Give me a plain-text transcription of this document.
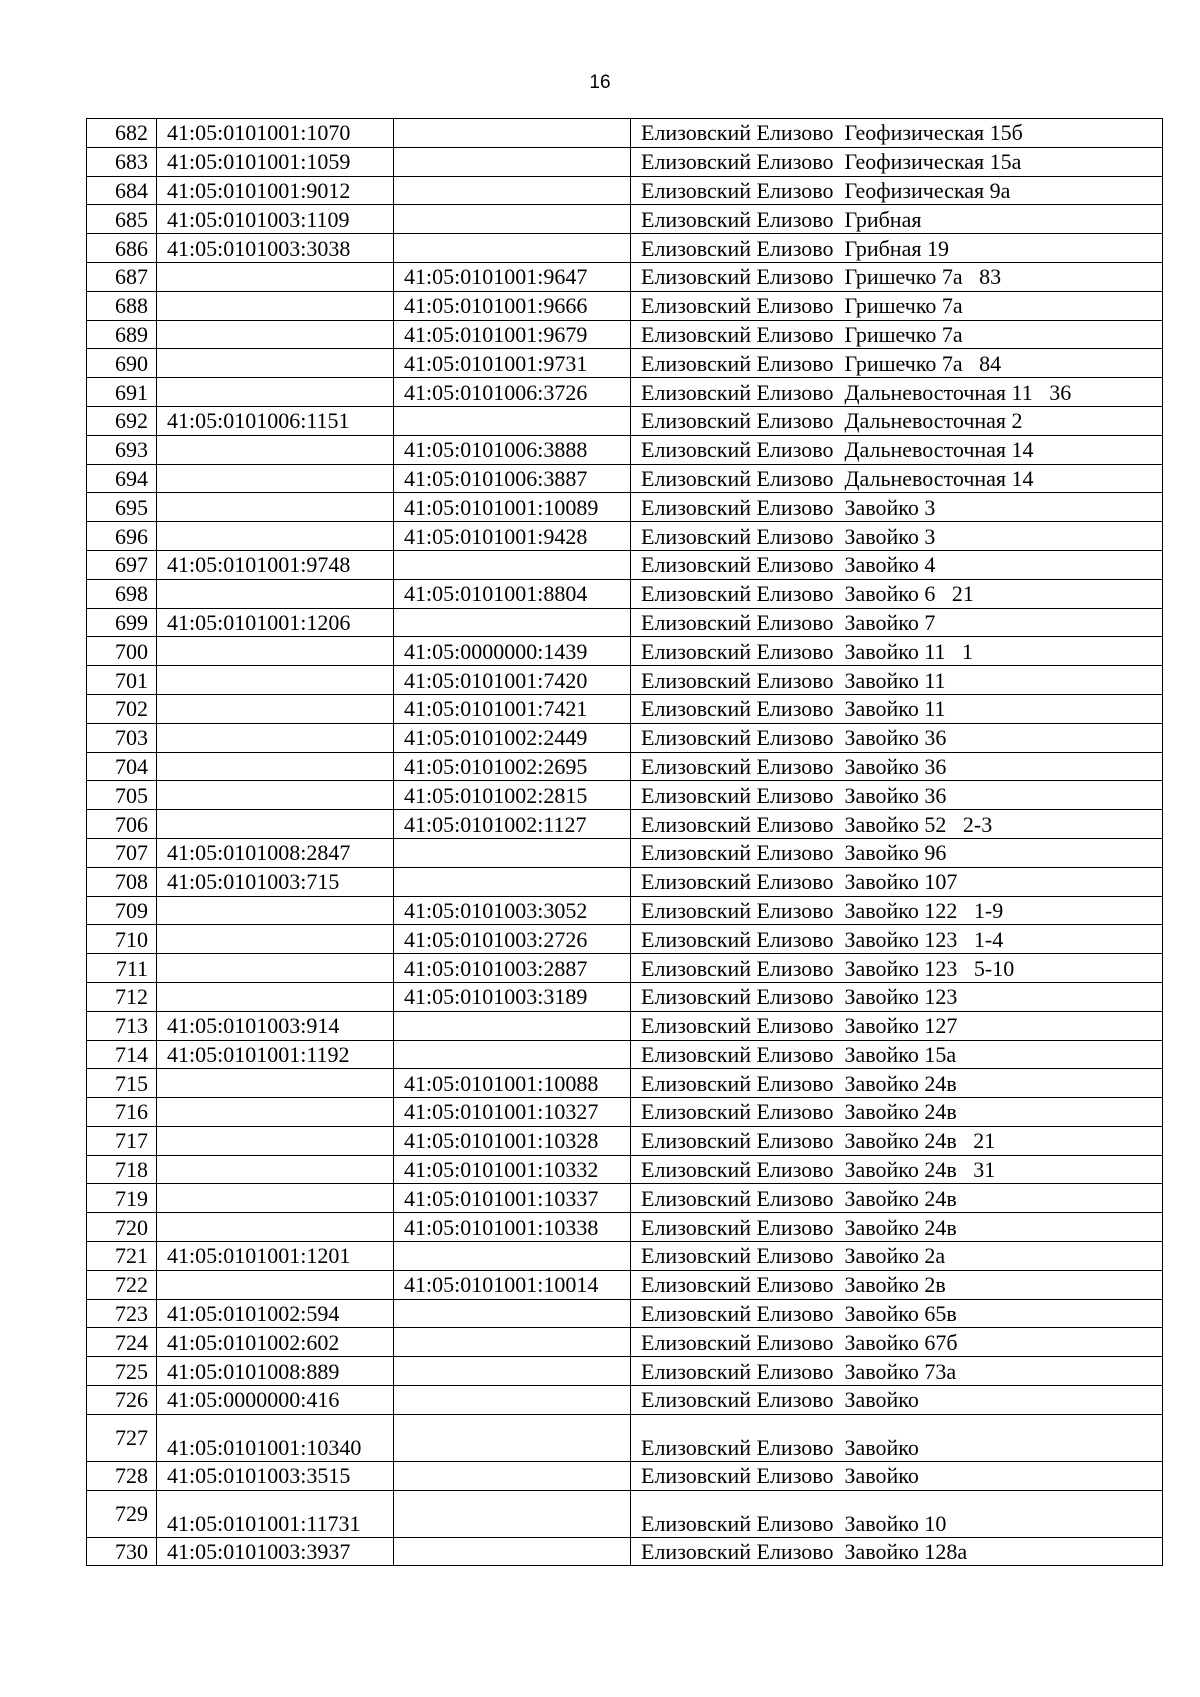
16
682	41:05:0101001:1070		Елизовский Елизово  Геофизическая 15б
683	41:05:0101001:1059		Елизовский Елизово  Геофизическая 15а
684	41:05:0101001:9012		Елизовский Елизово  Геофизическая 9а
685	41:05:0101003:1109		Елизовский Елизово  Грибная
686	41:05:0101003:3038		Елизовский Елизово  Грибная 19
687		41:05:0101001:9647	Елизовский Елизово  Гришечко 7а   83
688		41:05:0101001:9666	Елизовский Елизово  Гришечко 7а
689		41:05:0101001:9679	Елизовский Елизово  Гришечко 7а
690		41:05:0101001:9731	Елизовский Елизово  Гришечко 7а   84
691		41:05:0101006:3726	Елизовский Елизово  Дальневосточная 11   36
692	41:05:0101006:1151		Елизовский Елизово  Дальневосточная 2
693		41:05:0101006:3888	Елизовский Елизово  Дальневосточная 14
694		41:05:0101006:3887	Елизовский Елизово  Дальневосточная 14
695		41:05:0101001:10089	Елизовский Елизово  Завойко 3
696		41:05:0101001:9428	Елизовский Елизово  Завойко 3
697	41:05:0101001:9748		Елизовский Елизово  Завойко 4
698		41:05:0101001:8804	Елизовский Елизово  Завойко 6   21
699	41:05:0101001:1206		Елизовский Елизово  Завойко 7
700		41:05:0000000:1439	Елизовский Елизово  Завойко 11   1
701		41:05:0101001:7420	Елизовский Елизово  Завойко 11
702		41:05:0101001:7421	Елизовский Елизово  Завойко 11
703		41:05:0101002:2449	Елизовский Елизово  Завойко 36
704		41:05:0101002:2695	Елизовский Елизово  Завойко 36
705		41:05:0101002:2815	Елизовский Елизово  Завойко 36
706		41:05:0101002:1127	Елизовский Елизово  Завойко 52   2-3
707	41:05:0101008:2847		Елизовский Елизово  Завойко 96
708	41:05:0101003:715		Елизовский Елизово  Завойко 107
709		41:05:0101003:3052	Елизовский Елизово  Завойко 122   1-9
710		41:05:0101003:2726	Елизовский Елизово  Завойко 123   1-4
711		41:05:0101003:2887	Елизовский Елизово  Завойко 123   5-10
712		41:05:0101003:3189	Елизовский Елизово  Завойко 123
713	41:05:0101003:914		Елизовский Елизово  Завойко 127
714	41:05:0101001:1192		Елизовский Елизово  Завойко 15а
715		41:05:0101001:10088	Елизовский Елизово  Завойко 24в
716		41:05:0101001:10327	Елизовский Елизово  Завойко 24в
717		41:05:0101001:10328	Елизовский Елизово  Завойко 24в   21
718		41:05:0101001:10332	Елизовский Елизово  Завойко 24в   31
719		41:05:0101001:10337	Елизовский Елизово  Завойко 24в
720		41:05:0101001:10338	Елизовский Елизово  Завойко 24в
721	41:05:0101001:1201		Елизовский Елизово  Завойко 2а
722		41:05:0101001:10014	Елизовский Елизово  Завойко 2в
723	41:05:0101002:594		Елизовский Елизово  Завойко 65в
724	41:05:0101002:602		Елизовский Елизово  Завойко 67б
725	41:05:0101008:889		Елизовский Елизово  Завойко 73а
726	41:05:0000000:416		Елизовский Елизово  Завойко
727	41:05:0101001:10340		Елизовский Елизово  Завойко
728	41:05:0101003:3515		Елизовский Елизово  Завойко
729	41:05:0101001:11731		Елизовский Елизово  Завойко 10
730	41:05:0101003:3937		Елизовский Елизово  Завойко 128а
